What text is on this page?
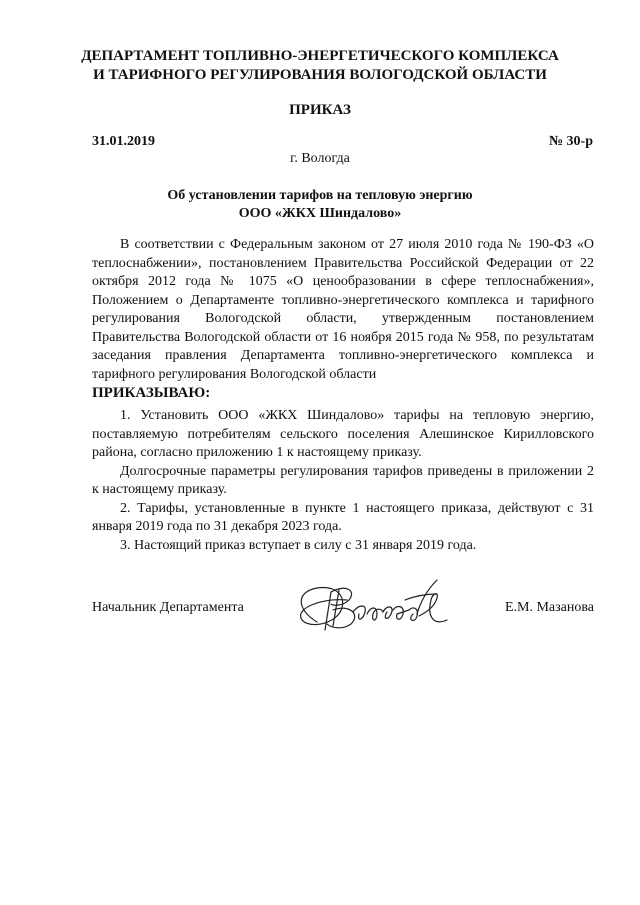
ДЕПАРТАМЕНТ ТОПЛИВНО-ЭНЕРГЕТИЧЕСКОГО КОМПЛЕКСА
И ТАРИФНОГО РЕГУЛИРОВАНИЯ ВОЛОГОДСКОЙ ОБЛАСТИ
ПРИКАЗ
31.01.2019	№ 30-р
г. Вологда
Об установлении тарифов на тепловую энергию
ООО «ЖКХ Шиндалово»

В соответствии с Федеральным законом от 27 июля 2010 года № 190-ФЗ «О теплоснабжении», постановлением Правительства Российской Федерации от 22 октября 2012 года № 1075 «О ценообразовании в сфере теплоснабжения», Положением о Департаменте топливно-энергетического комплекса и тарифного регулирования Вологодской области, утвержденным постановлением Правительства Вологодской области от 16 ноября 2015 года № 958, по результатам заседания правления Департамента топливно-энергетического комплекса и тарифного регулирования Вологодской области

ПРИКАЗЫВАЮ:

1. Установить ООО «ЖКХ Шиндалово» тарифы на тепловую энергию, поставляемую потребителям сельского поселения Алешинское Кирилловского района, согласно приложению 1 к настоящему приказу.

Долгосрочные параметры регулирования тарифов приведены в приложении 2 к настоящему приказу.

2. Тарифы, установленные в пункте 1 настоящего приказа, действуют с 31 января 2019 года по 31 декабря 2023 года.

3. Настоящий приказ вступает в силу с 31 января 2019 года.

Начальник Департамента	Е.М. Мазанова
